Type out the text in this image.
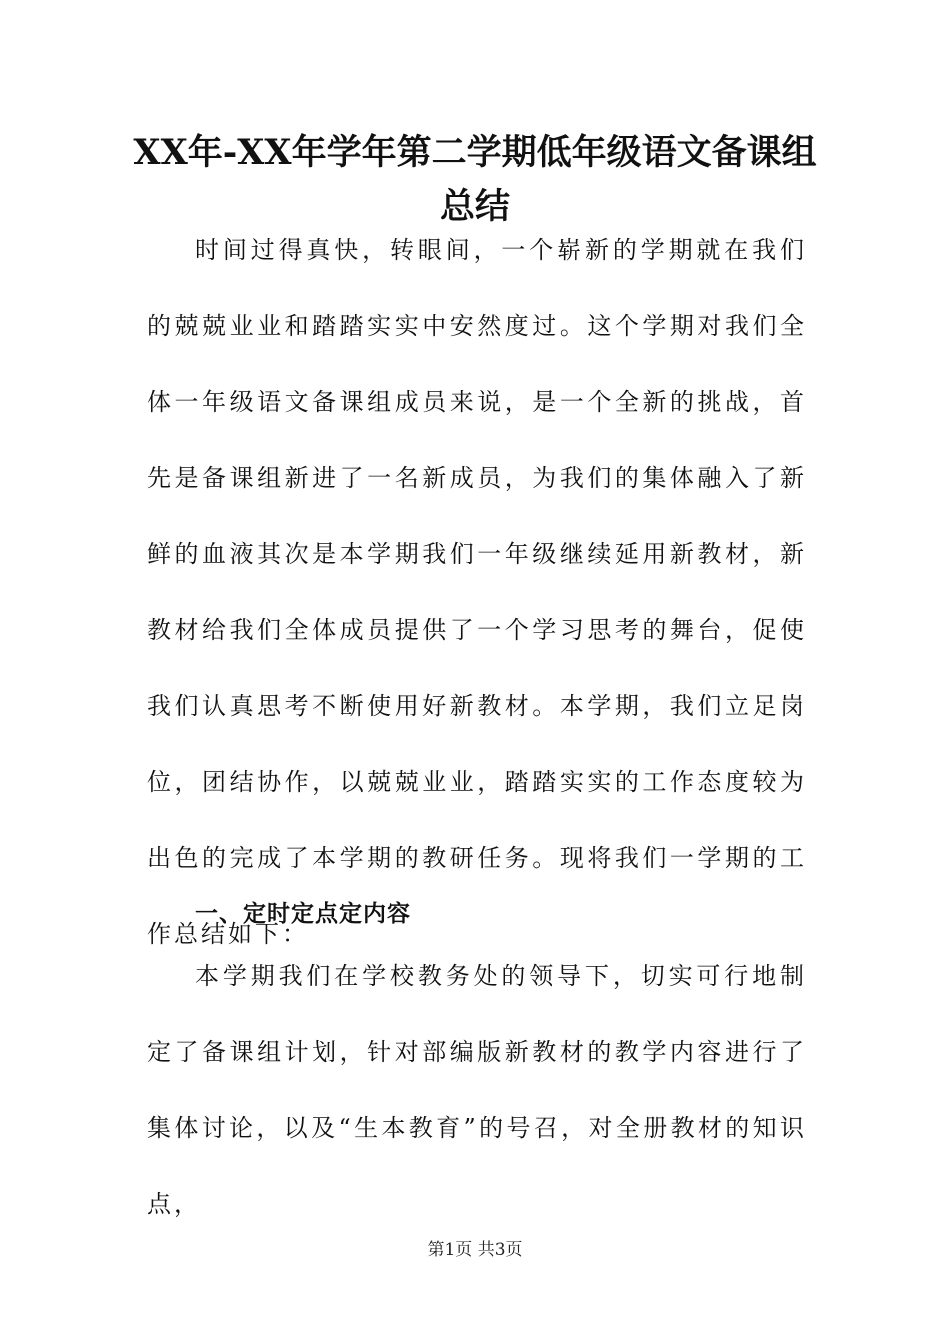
XX年-XX年学年第二学期低年级语文备课组总结

时间过得真快，转眼间，一个崭新的学期就在我们的兢兢业业和踏踏实实中安然度过。这个学期对我们全体一年级语文备课组成员来说，是一个全新的挑战，首先是备课组新进了一名新成员，为我们的集体融入了新鲜的血液其次是本学期我们一年级继续延用新教材，新教材给我们全体成员提供了一个学习思考的舞台，促使我们认真思考不断使用好新教材。本学期，我们立足岗位，团结协作，以兢兢业业，踏踏实实的工作态度较为出色的完成了本学期的教研任务。现将我们一学期的工作总结如下：

一、定时定点定内容

本学期我们在学校教务处的领导下，切实可行地制定了备课组计划，针对部编版新教材的教学内容进行了集体讨论，以及“生本教育”的号召，对全册教材的知识点，

第1页 共3页
